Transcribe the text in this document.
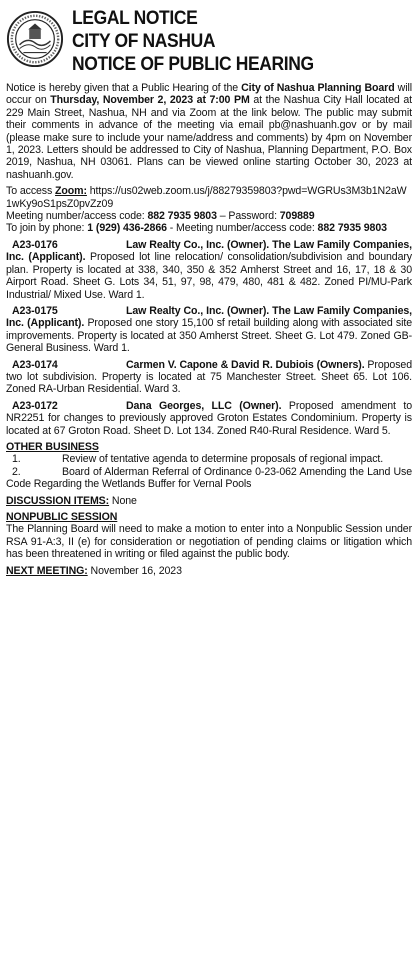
LEGAL NOTICE
CITY OF NASHUA
NOTICE OF PUBLIC HEARING

Notice is hereby given that a Public Hearing of the City of Nashua Planning Board will occur on Thursday, November 2, 2023 at 7:00 PM at the Nashua City Hall located at 229 Main Street, Nashua, NH and via Zoom at the link below. The public may submit their comments in advance of the meeting via email pb@nashuanh.gov or by mail (please make sure to include your name/address and comments) by 4pm on November 1, 2023. Letters should be addressed to City of Nashua, Planning Department, P.O. Box 2019, Nashua, NH 03061. Plans can be viewed online starting October 30, 2023 at nashuanh.gov.

To access Zoom: https://us02web.zoom.us/j/88279359803?pwd=WGRUs3M3b1N2aW1wKy9oS1psZ0pvZz09
Meeting number/access code: 882 7935 9803 – Password: 709889
To join by phone: 1 (929) 436-2866 - Meeting number/access code: 882 7935 9803
A23-0176	Law Realty Co., Inc. (Owner). The Law Family Companies, Inc. (Applicant). Proposed lot line relocation/ consolidation/subdivision and boundary plan. Property is located at 338, 340, 350 & 352 Amherst Street and 16, 17, 18 & 30 Airport Road. Sheet G. Lots 34, 51, 97, 98, 479, 480, 481 & 482. Zoned PI/MU-Park Industrial/ Mixed Use. Ward 1.
A23-0175	Law Realty Co., Inc. (Owner). The Law Family Companies, Inc. (Applicant). Proposed one story 15,100 sf retail building along with associated site improvements. Property is located at 350 Amherst Street. Sheet G. Lot 479. Zoned GB-General Business. Ward 1.
A23-0174	Carmen V. Capone & David R. Dubiois (Owners). Proposed two lot subdivision. Property is located at 75 Manchester Street. Sheet 65. Lot 106. Zoned RA-Urban Residential. Ward 3.
A23-0172	Dana Georges, LLC (Owner). Proposed amendment to NR2251 for changes to previously approved Groton Estates Condominium. Property is located at 67 Groton Road. Sheet D. Lot 134. Zoned R40-Rural Residence. Ward 5.
OTHER BUSINESS
1.	Review of tentative agenda to determine proposals of regional impact.
2.	Board of Alderman Referral of Ordinance 0-23-062 Amending the Land Use Code Regarding the Wetlands Buffer for Vernal Pools
DISCUSSION ITEMS: None
NONPUBLIC SESSION
The Planning Board will need to make a motion to enter into a Nonpublic Session under RSA 91-A:3, II (e) for consideration or negotiation of pending claims or litigation which has been threatened in writing or filed against the public body.
NEXT MEETING: November 16, 2023
